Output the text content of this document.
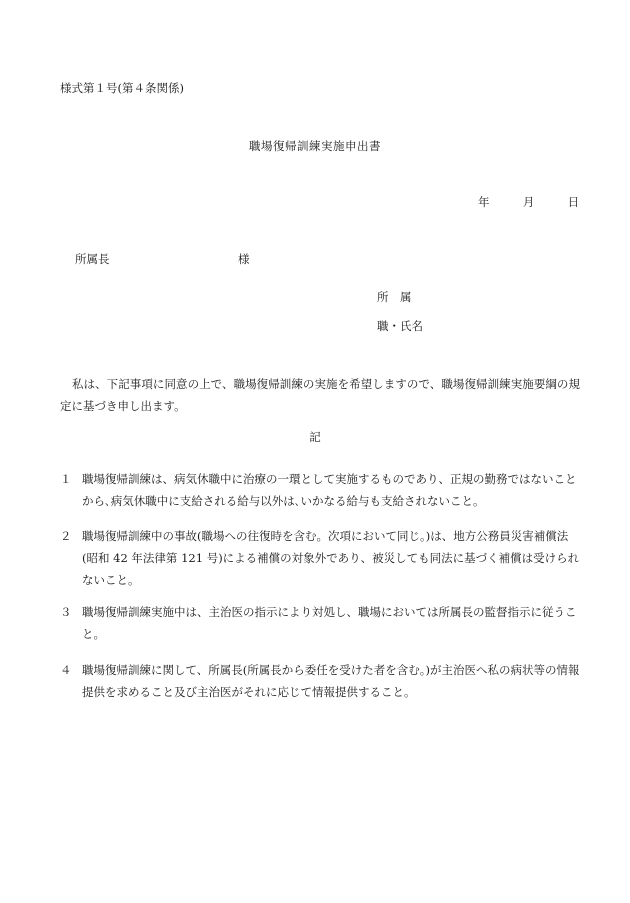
様式第１号(第４条関係)
職場復帰訓練実施申出書
年	月	日
所属長	様
所　属
職・氏名
私は、下記事項に同意の上で、職場復帰訓練の実施を希望しますので、職場復帰訓練実施要綱の規定に基づき申し出ます。
記
１ 職場復帰訓練は、病気休職中に治療の一環として実施するものであり、正規の勤務ではないことから､病気休職中に支給される給与以外は､いかなる給与も支給されないこと。
２ 職場復帰訓練中の事故(職場への往復時を含む。次項において同じ。)は、地方公務員災害補償法(昭和 42 年法律第 121 号)による補償の対象外であり、被災しても同法に基づく補償は受けられないこと。
３ 職場復帰訓練実施中は、主治医の指示により対処し、職場においては所属長の監督指示に従うこと。
４ 職場復帰訓練に関して、所属長(所属長から委任を受けた者を含む。)が主治医へ私の病状等の情報提供を求めること及び主治医がそれに応じて情報提供すること。
